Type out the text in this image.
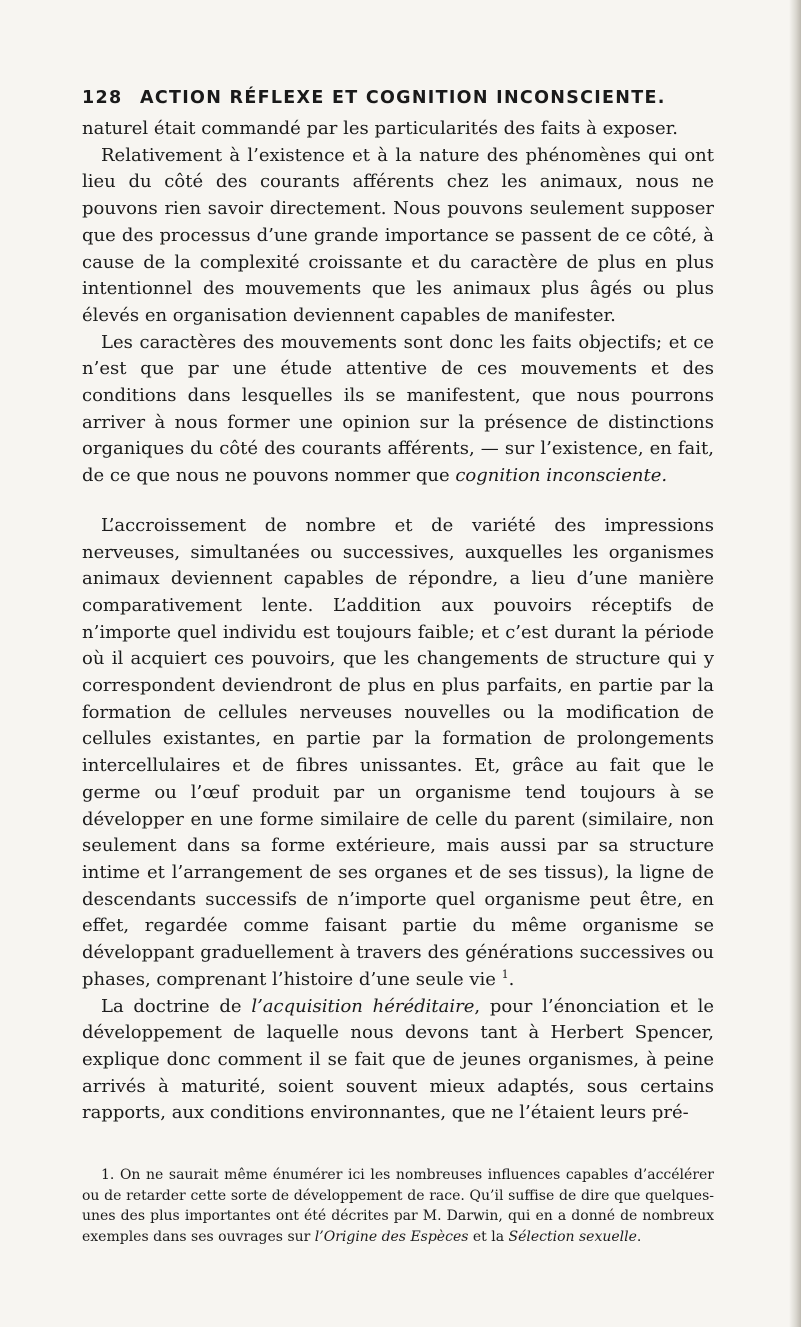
128 ACTION RÉFLEXE ET COGNITION INCONSCIENTE.

naturel était commandé par les particularités des faits à exposer.

Relativement à l’existence et à la nature des phénomènes qui ont lieu du côté des courants afférents chez les animaux, nous ne pouvons rien savoir directement. Nous pouvons seulement supposer que des processus d’une grande importance se passent de ce côté, à cause de la complexité croissante et du caractère de plus en plus intentionnel des mouvements que les animaux plus âgés ou plus élevés en organisation deviennent capables de manifester.

Les caractères des mouvements sont donc les faits objectifs; et ce n’est que par une étude attentive de ces mouvements et des conditions dans lesquelles ils se manifestent, que nous pourrons arriver à nous former une opinion sur la présence de distinctions organiques du côté des courants afférents, — sur l’existence, en fait, de ce que nous ne pouvons nommer que cognition inconsciente.

L’accroissement de nombre et de variété des impressions nerveuses, simultanées ou successives, auxquelles les organismes animaux deviennent capables de répondre, a lieu d’une manière comparativement lente. L’addition aux pouvoirs réceptifs de n’importe quel individu est toujours faible; et c’est durant la période où il acquiert ces pouvoirs, que les changements de structure qui y correspondent deviendront de plus en plus parfaits, en partie par la formation de cellules nerveuses nouvelles ou la modification de cellules existantes, en partie par la formation de prolongements intercellulaires et de fibres unissantes. Et, grâce au fait que le germe ou l’œuf produit par un organisme tend toujours à se développer en une forme similaire de celle du parent (similaire, non seulement dans sa forme extérieure, mais aussi par sa structure intime et l’arrangement de ses organes et de ses tissus), la ligne de descendants successifs de n’importe quel organisme peut être, en effet, regardée comme faisant partie du même organisme se développant graduellement à travers des générations successives ou phases, comprenant l’histoire d’une seule vie $^1$.

La doctrine de l’acquisition héréditaire, pour l’énonciation et le développement de laquelle nous devons tant à Herbert Spencer, explique donc comment il se fait que de jeunes organismes, à peine arrivés à maturité, soient souvent mieux adaptés, sous certains rapports, aux conditions environnantes, que ne l’étaient leurs pré-

1. On ne saurait même énumérer ici les nombreuses influences capables d’accélérer ou de retarder cette sorte de développement de race. Qu’il suffise de dire que quelques-unes des plus importantes ont été décrites par M. Darwin, qui en a donné de nombreux exemples dans ses ouvrages sur l’Origine des Espèces et la Sélection sexuelle.
